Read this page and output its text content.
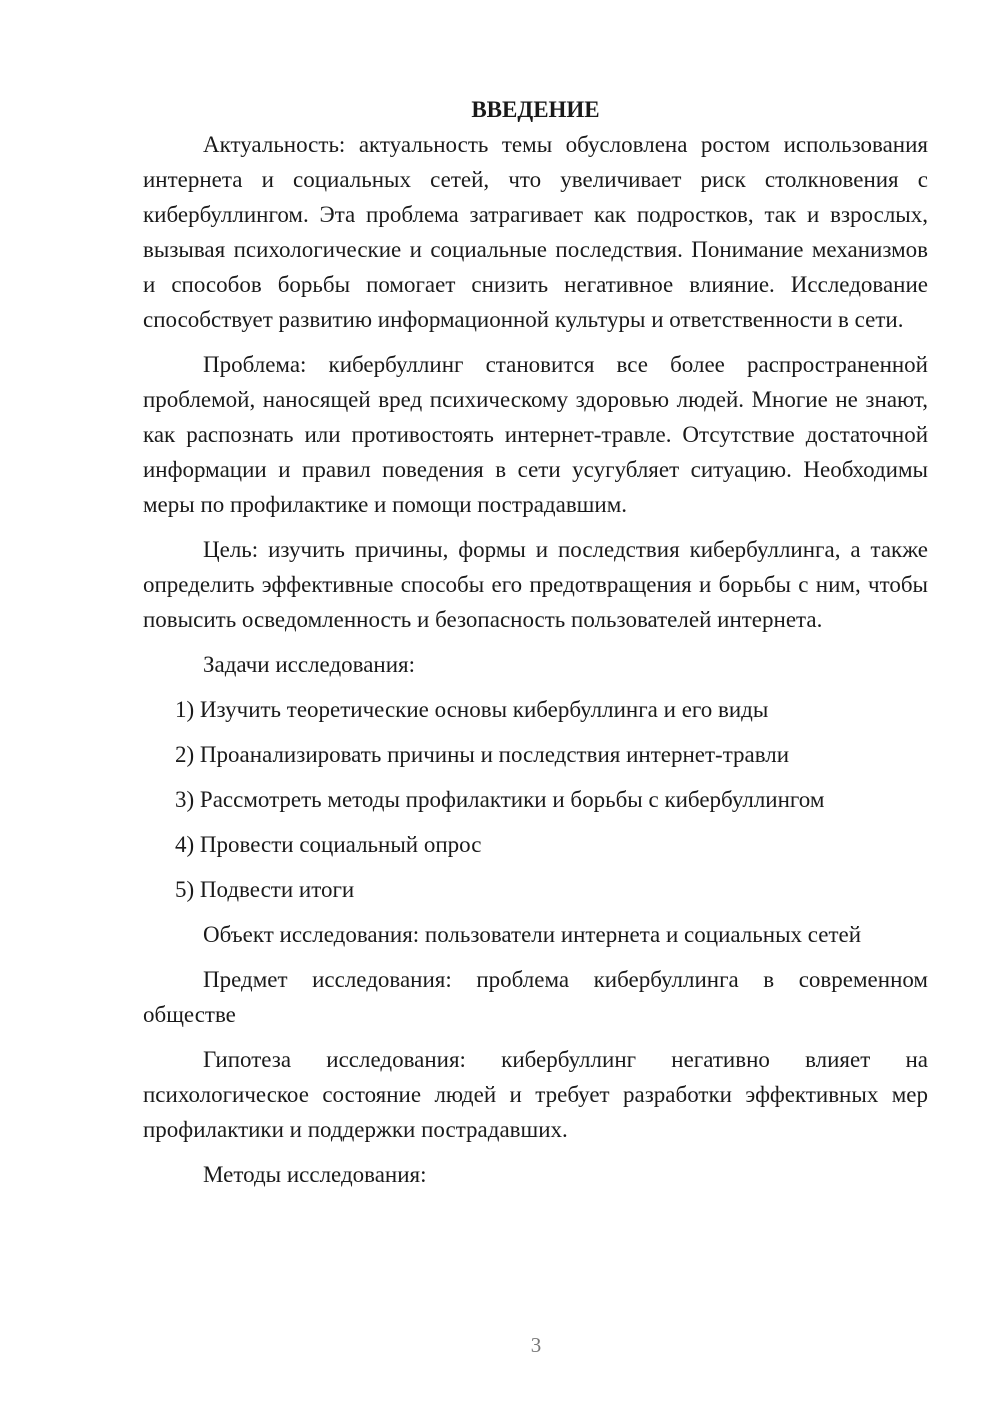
ВВЕДЕНИЕ

Актуальность: актуальность темы обусловлена ростом использования интернета и социальных сетей, что увеличивает риск столкновения с кибербуллингом. Эта проблема затрагивает как подростков, так и взрослых, вызывая психологические и социальные последствия. Понимание механизмов и способов борьбы помогает снизить негативное влияние. Исследование способствует развитию информационной культуры и ответственности в сети.

Проблема: кибербуллинг становится все более распространенной проблемой, наносящей вред психическому здоровью людей. Многие не знают, как распознать или противостоять интернет-травле. Отсутствие достаточной информации и правил поведения в сети усугубляет ситуацию. Необходимы меры по профилактике и помощи пострадавшим.

Цель: изучить причины, формы и последствия кибербуллинга, а также определить эффективные способы его предотвращения и борьбы с ним, чтобы повысить осведомленность и безопасность пользователей интернета.

Задачи исследования:

1) Изучить теоретические основы кибербуллинга и его виды

2) Проанализировать причины и последствия интернет-травли

3) Рассмотреть методы профилактики и борьбы с кибербуллингом

4) Провести социальный опрос

5) Подвести итоги

Объект исследования: пользователи интернета и социальных сетей

Предмет исследования: проблема кибербуллинга в современном обществе

Гипотеза исследования: кибербуллинг негативно влияет на психологическое состояние людей и требует разработки эффективных мер профилактики и поддержки пострадавших.

Методы исследования:

3
